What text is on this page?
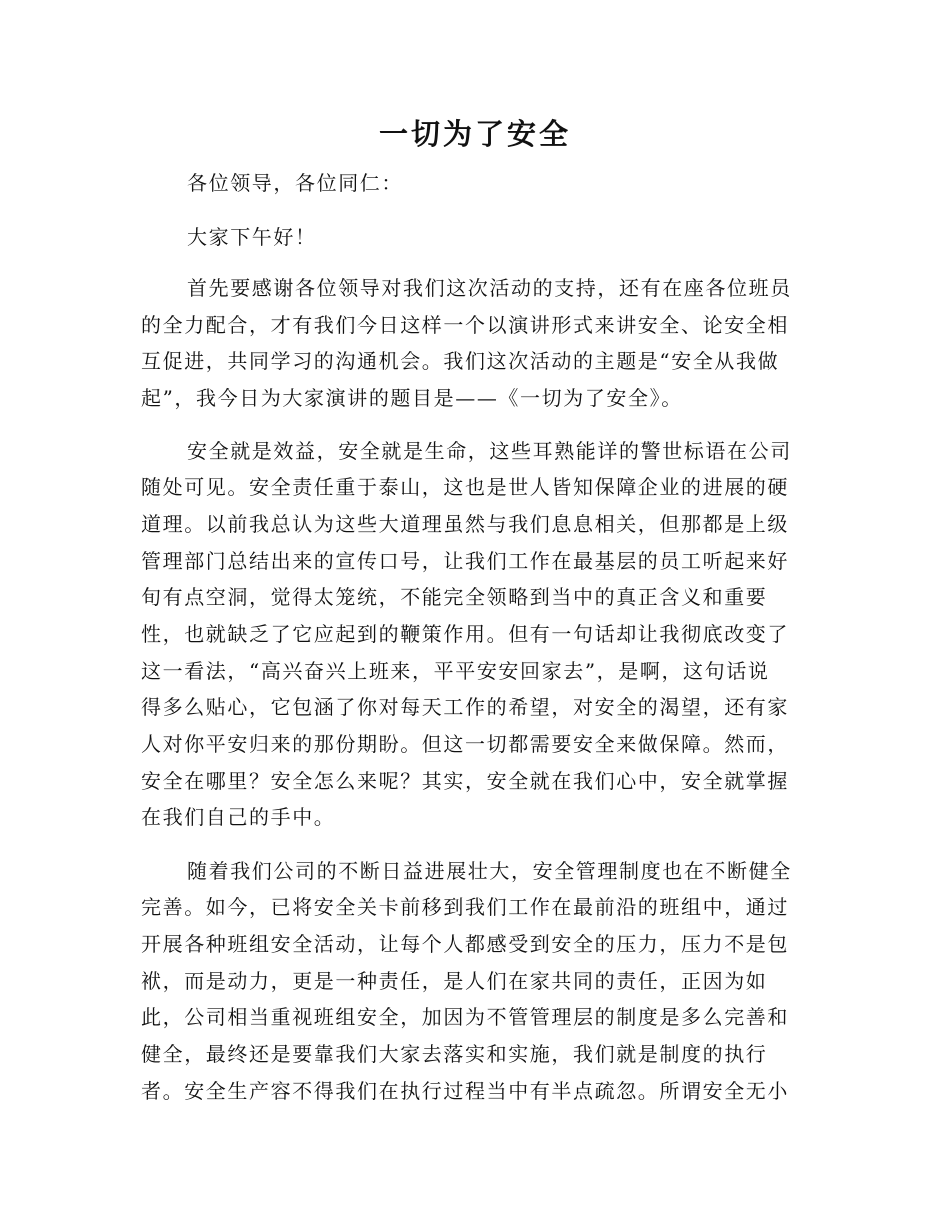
一切为了安全

各位领导，各位同仁：

大家下午好！

首先要感谢各位领导对我们这次活动的支持，还有在座各位班员

的全力配合，才有我们今日这样一个以演讲形式来讲安全、论安全相

互促进，共同学习的沟通机会。我们这次活动的主题是“安全从我做

起”，我今日为大家演讲的题目是——《一切为了安全》。

安全就是效益，安全就是生命，这些耳熟能详的警世标语在公司

随处可见。安全责任重于泰山，这也是世人皆知保障企业的进展的硬

道理。以前我总认为这些大道理虽然与我们息息相关，但那都是上级

管理部门总结出来的宣传口号，让我们工作在最基层的员工听起来好

旬有点空洞，觉得太笼统，不能完全领略到当中的真正含义和重要

性，也就缺乏了它应起到的鞭策作用。但有一句话却让我彻底改变了

这一看法，“高兴奋兴上班来，平平安安回家去”，是啊，这句话说

得多么贴心，它包涵了你对每天工作的希望，对安全的渴望，还有家

人对你平安归来的那份期盼。但这一切都需要安全来做保障。然而，

安全在哪里？安全怎么来呢？其实，安全就在我们心中，安全就掌握

在我们自己的手中。

随着我们公司的不断日益进展壮大，安全管理制度也在不断健全

完善。如今，已将安全关卡前移到我们工作在最前沿的班组中，通过

开展各种班组安全活动，让每个人都感受到安全的压力，压力不是包

袱，而是动力，更是一种责任，是人们在家共同的责任，正因为如

此，公司相当重视班组安全，加因为不管管理层的制度是多么完善和

健全，最终还是要靠我们大家去落实和实施，我们就是制度的执行

者。安全生产容不得我们在执行过程当中有半点疏忽。所谓安全无小
